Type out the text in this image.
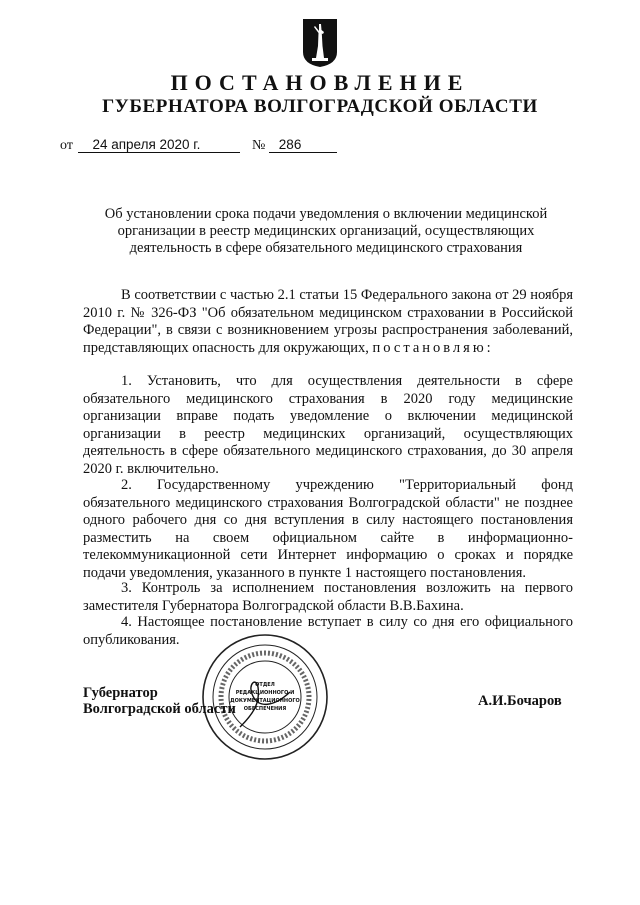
ПОСТАНОВЛЕНИЕ
ГУБЕРНАТОРА ВОЛГОГРАДСКОЙ ОБЛАСТИ
от 24 апреля 2020 г.	№ 286
Об установлении срока подачи уведомления о включении медицинской организации в реестр медицинских организаций, осуществляющих деятельность в сфере обязательного медицинского страхования
В соответствии с частью 2.1 статьи 15 Федерального закона от 29 ноября 2010 г. № 326-ФЗ "Об обязательном медицинском страховании в Российской Федерации", в связи с возникновением угрозы распространения заболеваний, представляющих опасность для окружающих, постановляю:
1. Установить, что для осуществления деятельности в сфере обязательного медицинского страхования в 2020 году медицинские организации вправе подать уведомление о включении медицинской организации в реестр медицинских организаций, осуществляющих деятельность в сфере обязательного медицинского страхования, до 30 апреля 2020 г. включительно.
2. Государственному учреждению "Территориальный фонд обязательного медицинского страхования Волгоградской области" не позднее одного рабочего дня со дня вступления в силу настоящего постановления разместить на своем официальном сайте в информационно-телекоммуникационной сети Интернет информацию о сроках и порядке подачи уведомления, указанного в пункте 1 настоящего постановления.
3. Контроль за исполнением постановления возложить на первого заместителя Губернатора Волгоградской области В.В.Бахина.
4. Настоящее постановление вступает в силу со дня его официального опубликования.
ОТДЕЛ
РЕДАКЦИОННОГО И
ДОКУМЕНТАЦИОННОГО
ОБЕСПЕЧЕНИЯ
Губернатор
Волгоградской области	А.И.Бочаров
